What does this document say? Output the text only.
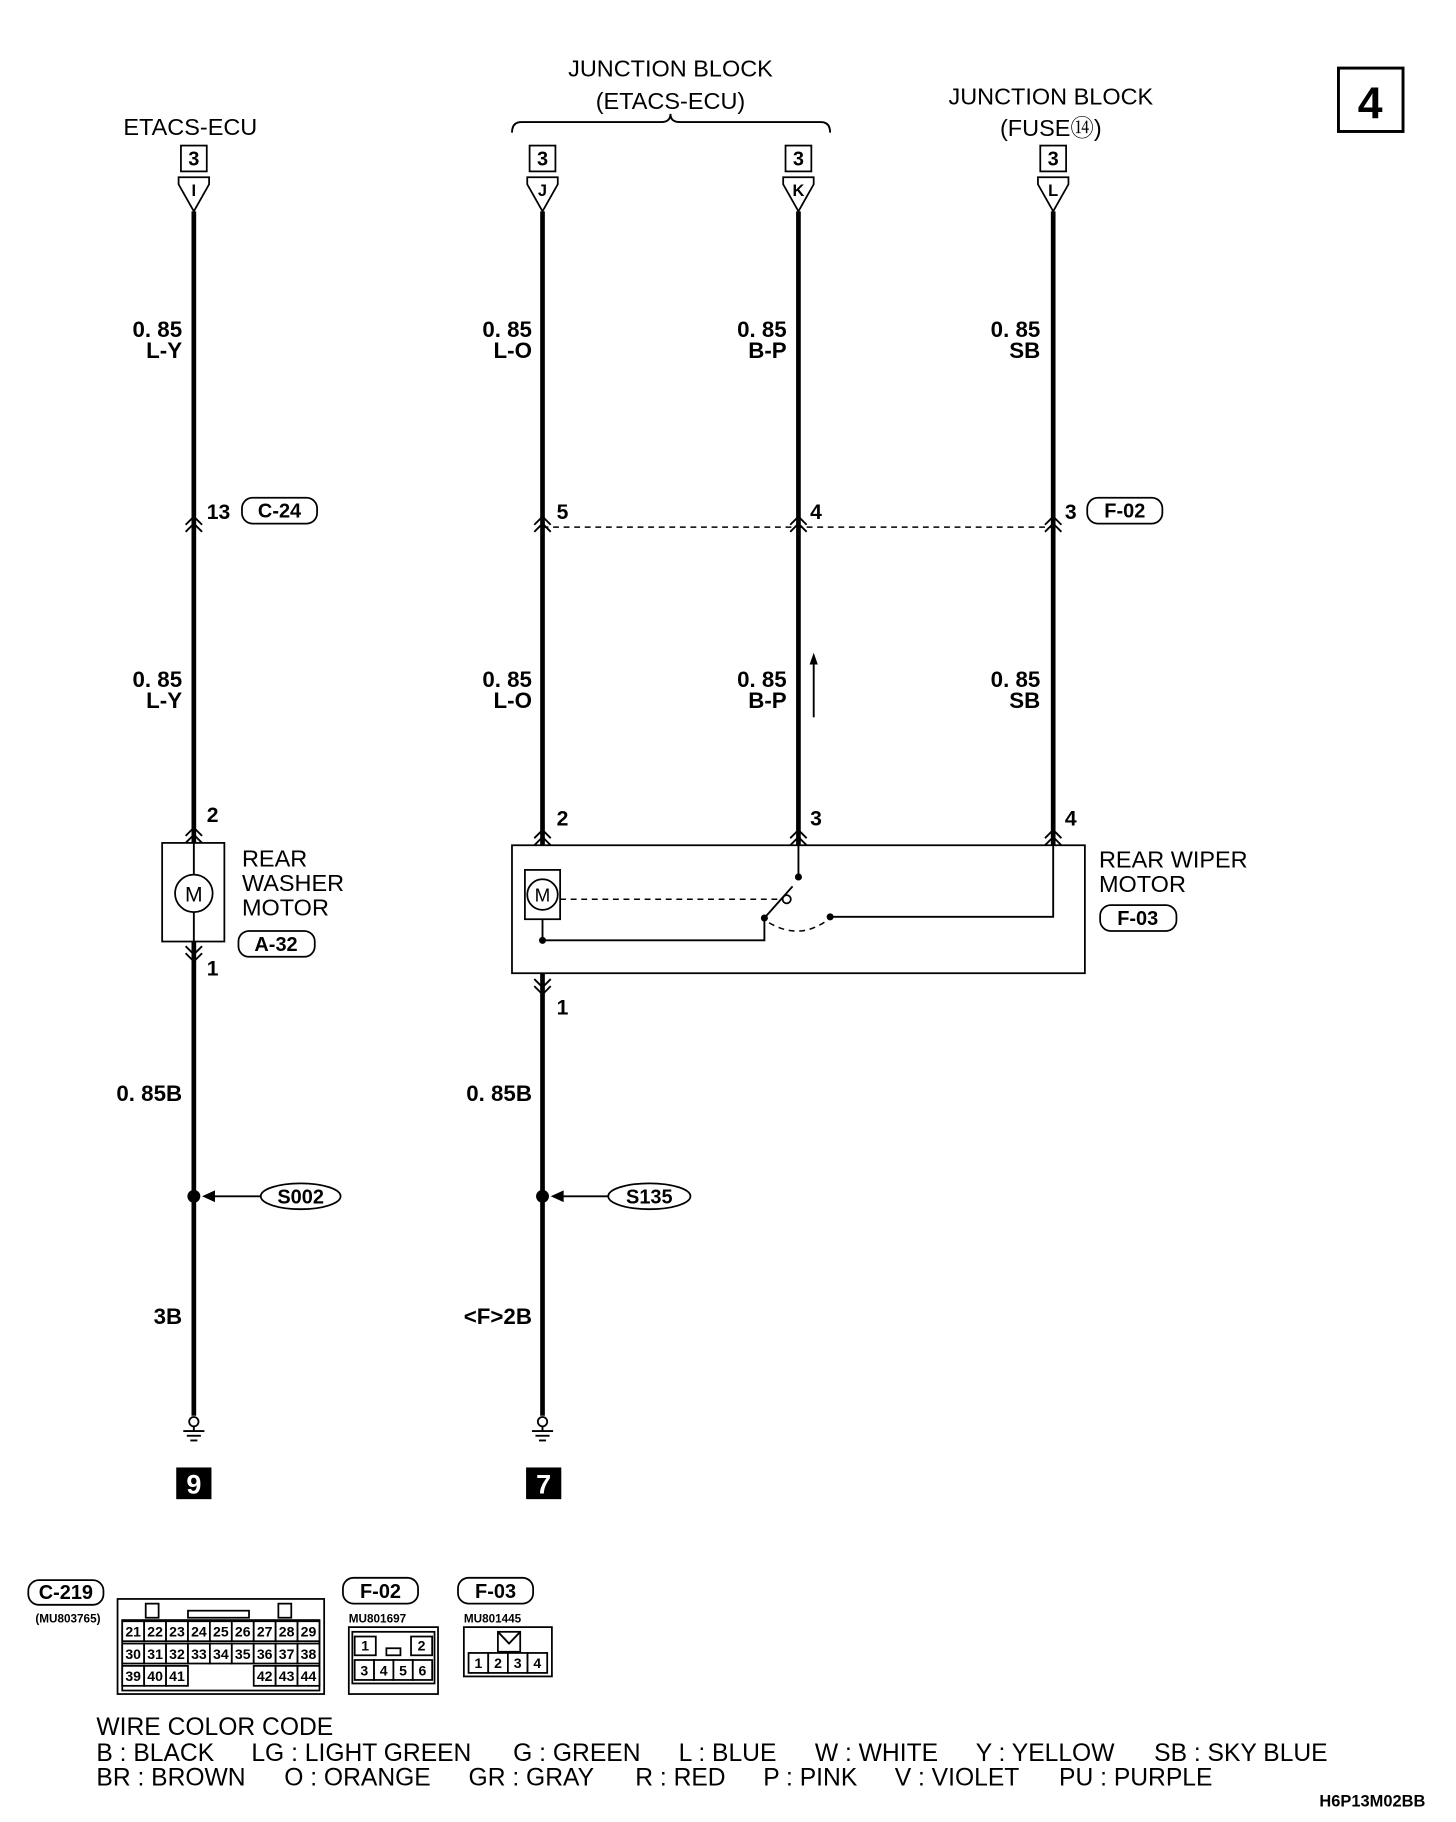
4
ETACS-ECU
JUNCTION BLOCK
(ETACS-ECU)	JUNCTION BLOCK
(FUSE⑭)
3
I
0. 85
L-Y
13 C-24
0. 85
L-Y
2
M
REAR
WASHER
MOTOR
A-32
1
0. 85B
S002
3B
9
3
J
0. 85
L-O
5
0. 85
L-O
2
1
0. 85B
S135
<F>2B
7
3
K
0. 85
B-P
4
0. 85
B-P
3
3
L
0. 85
SB
3 F-02
0. 85
SB
4
M
REAR WIPER
MOTOR
F-03
C-219
(MU803765)
21 22 23 24 25 26 27 28 29
30 31 32 33 34 35 36 37 38
39 40 41	42 43 44
F-02
MU801697
1	2
3 4 5 6
F-03
MU801445
1 2 3 4
WIRE COLOR CODE
B : BLACK LG : LIGHT GREEN G : GREEN L : BLUE W : WHITE Y : YELLOW SB : SKY BLUE
BR : BROWN O : ORANGE GR : GRAY R : RED P : PINK V : VIOLET PU : PURPLE
H6P13M02BB
